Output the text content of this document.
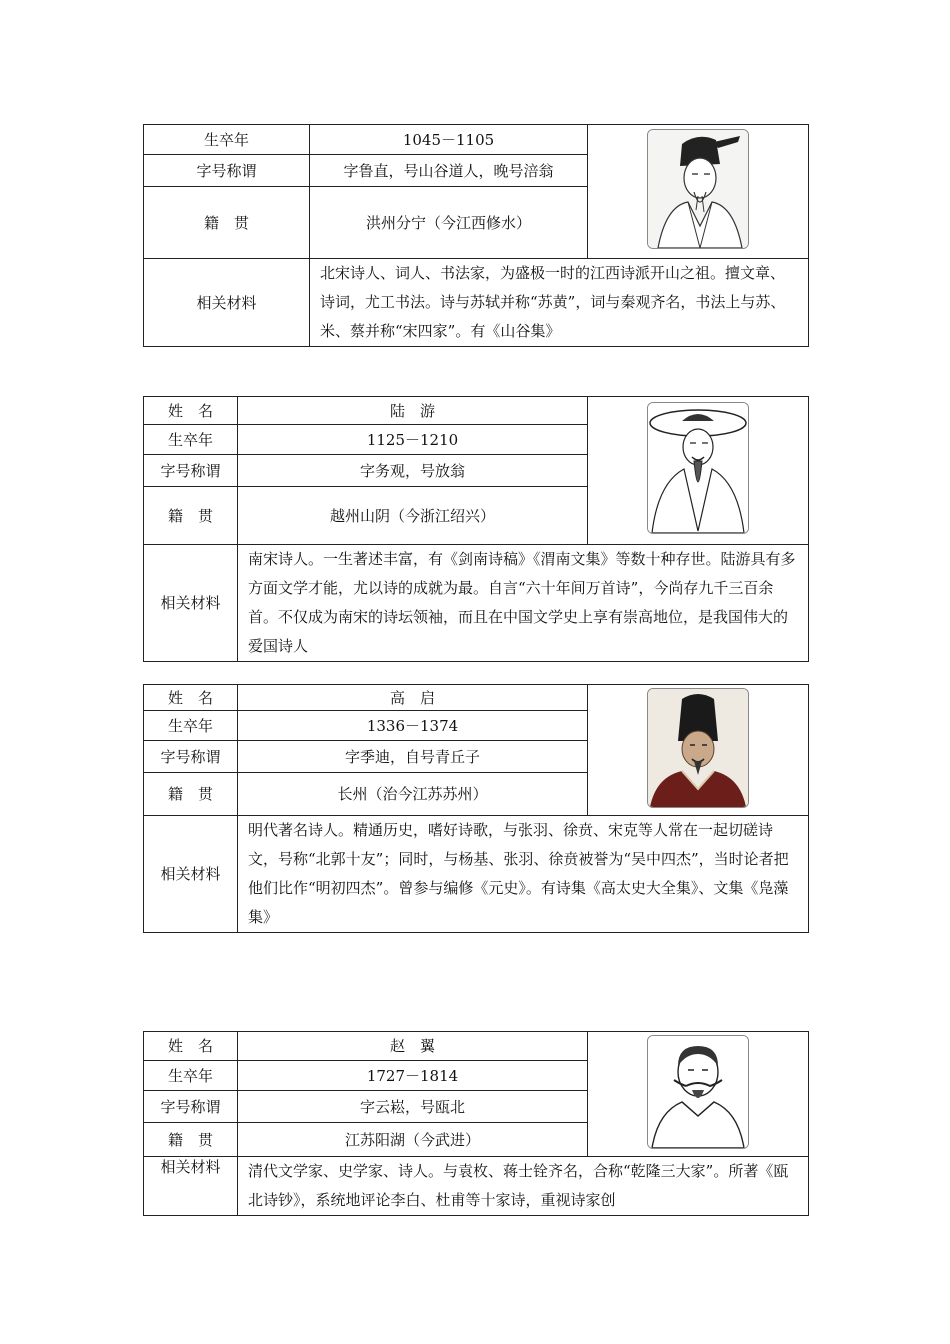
生卒年	1045－1105	

字号称谓	字鲁直，号山谷道人，晚号涪翁	
籍　贯	洪州分宁（今江西修水）	
相关材料	北宋诗人、词人、书法家，为盛极一时的江西诗派开山之祖。擅文章、诗词，尤工书法。诗与苏轼并称“苏黄”，词与秦观齐名，书法上与苏、米、蔡并称“宋四家”。有《山谷集》	
姓　名	陆　游	

生卒年	1125－1210	
字号称谓	字务观，号放翁	
籍　贯	越州山阴（今浙江绍兴）	
相关材料	南宋诗人。一生著述丰富，有《剑南诗稿》《渭南文集》等数十种存世。陆游具有多方面文学才能，尤以诗的成就为最。自言“六十年间万首诗”，今尚存九千三百余首。不仅成为南宋的诗坛领袖，而且在中国文学史上享有崇高地位，是我国伟大的爱国诗人	
姓　名	高　启	

生卒年	1336－1374	
字号称谓	字季迪，自号青丘子	
籍　贯	长州（治今江苏苏州）	
相关材料	明代著名诗人。精通历史，嗜好诗歌，与张羽、徐贲、宋克等人常在一起切磋诗文，号称“北郭十友”；同时，与杨基、张羽、徐贲被誉为“吴中四杰”，当时论者把他们比作“明初四杰”。曾参与编修《元史》。有诗集《高太史大全集》、文集《凫藻集》	
姓　名	赵　翼	

生卒年	1727－1814	
字号称谓	字云崧，号瓯北	
籍　贯	江苏阳湖（今武进）	
相关材料	清代文学家、史学家、诗人。与袁枚、蒋士铨齐名，合称“乾隆三大家”。所著《瓯北诗钞》，系统地评论李白、杜甫等十家诗，重视诗家创	
